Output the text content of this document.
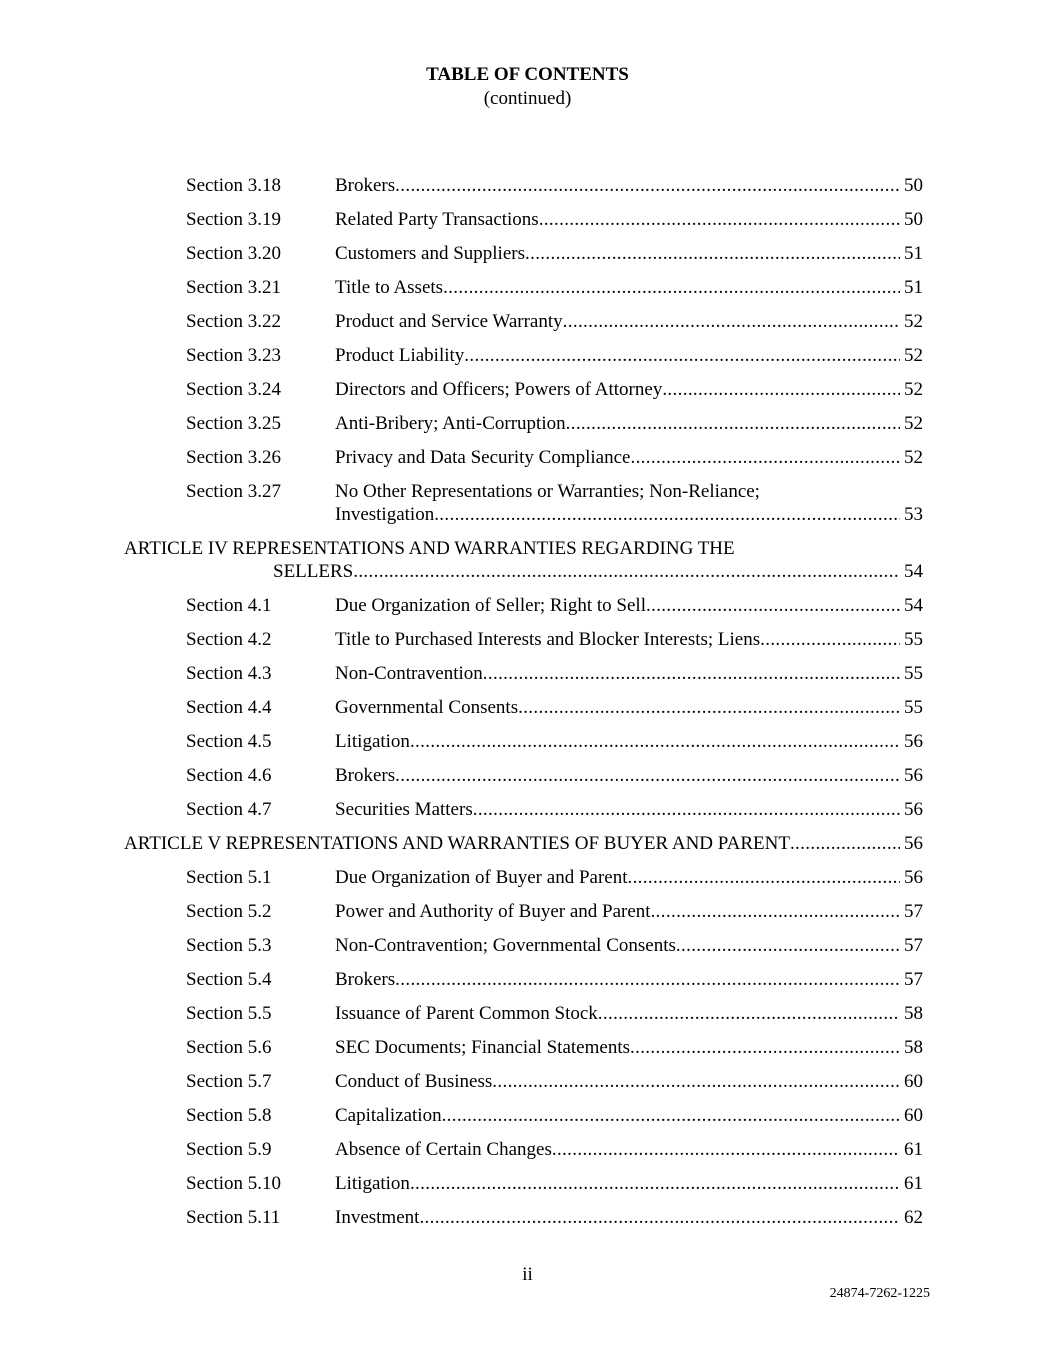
TABLE OF CONTENTS
(continued)
Section 3.18	Brokers . . .	50
Section 3.19	Related Party Transactions . . .	50
Section 3.20	Customers and Suppliers . . .	51
Section 3.21	Title to Assets . . .	51
Section 3.22	Product and Service Warranty . . .	52
Section 3.23	Product Liability . . .	52
Section 3.24	Directors and Officers; Powers of Attorney . . .	52
Section 3.25	Anti-Bribery; Anti-Corruption . . .	52
Section 3.26	Privacy and Data Security Compliance . . .	52
Section 3.27	No Other Representations or Warranties; Non-Reliance;
Investigation . . .	53
ARTICLE IV REPRESENTATIONS AND WARRANTIES REGARDING THE
SELLERS . . .	54
Section 4.1	Due Organization of Seller; Right to Sell . . .	54
Section 4.2	Title to Purchased Interests and Blocker Interests; Liens . . .	55
Section 4.3	Non-Contravention . . .	55
Section 4.4	Governmental Consents . . .	55
Section 4.5	Litigation . . .	56
Section 4.6	Brokers . . .	56
Section 4.7	Securities Matters . . .	56
ARTICLE V REPRESENTATIONS AND WARRANTIES OF BUYER AND PARENT . . .	56
Section 5.1	Due Organization of Buyer and Parent . . .	56
Section 5.2	Power and Authority of Buyer and Parent . . .	57
Section 5.3	Non-Contravention; Governmental Consents . . .	57
Section 5.4	Brokers . . .	57
Section 5.5	Issuance of Parent Common Stock . . .	58
Section 5.6	SEC Documents; Financial Statements . . .	58
Section 5.7	Conduct of Business . . .	60
Section 5.8	Capitalization . . .	60
Section 5.9	Absence of Certain Changes . . .	61
Section 5.10	Litigation . . .	61
Section 5.11	Investment . . .	62
ii
24874-7262-1225
